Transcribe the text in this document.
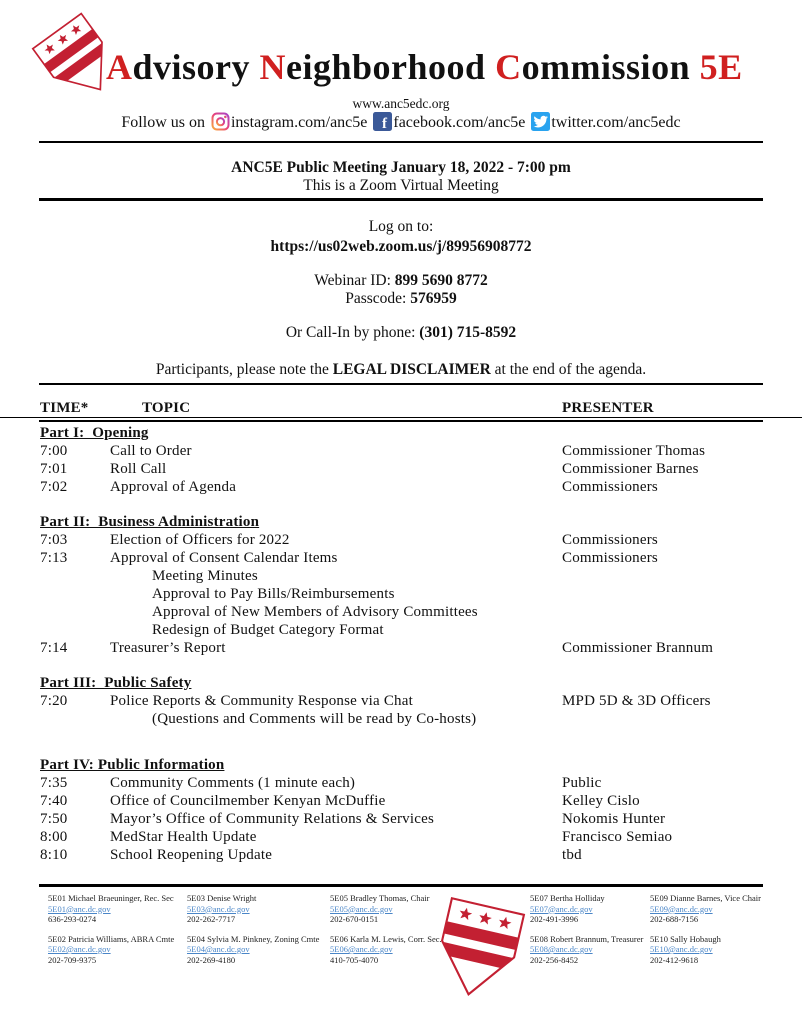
Advisory Neighborhood Commission 5E
www.anc5edc.org
Follow us on instagram.com/anc5e f facebook.com/anc5e twitter.com/anc5edc
ANC5E Public Meeting January 18, 2022 - 7:00 pm
This is a Zoom Virtual Meeting
Log on to:
https://us02web.zoom.us/j/89956908772
Webinar ID: 899 5690 8772
Passcode: 576959
Or Call-In by phone: (301) 715-8592
Participants, please note the LEGAL DISCLAIMER at the end of the agenda.
TIME*	TOPIC	PRESENTER
Part I:  Opening
7:00	Call to Order	Commissioner Thomas
7:01	Roll Call	Commissioner Barnes
7:02	Approval of Agenda	Commissioners
Part II:  Business Administration
7:03	Election of Officers for 2022	Commissioners
7:13	Approval of Consent Calendar Items	Commissioners
Meeting Minutes
Approval to Pay Bills/Reimbursements
Approval of New Members of Advisory Committees
Redesign of Budget Category Format
7:14	Treasurer’s Report	Commissioner Brannum
Part III:  Public Safety
7:20	Police Reports & Community Response via Chat	MPD 5D & 3D Officers
(Questions and Comments will be read by Co-hosts)
Part IV: Public Information
7:35	Community Comments (1 minute each)	Public
7:40	Office of Councilmember Kenyan McDuffie	Kelley Cislo
7:50	Mayor’s Office of Community Relations & Services	Nokomis Hunter
8:00	MedStar Health Update	Francisco Semiao
8:10	School Reopening Update	tbd
5E01 Michael Braeuninger, Rec. Sec
5E01@anc.dc.gov
636-293-0274
5E02 Patricia Williams, ABRA Cmte
5E02@anc.dc.gov
202-709-9375
5E03 Denise Wright
5E03@anc.dc.gov
202-262-7717
5E04 Sylvia M. Pinkney, Zoning Cmte
5E04@anc.dc.gov
202-269-4180
5E05 Bradley Thomas, Chair
5E05@anc.dc.gov
202-670-0151
5E06 Karla M. Lewis, Corr. Sec.
5E06@anc.dc.gov
410-705-4070
5E07 Bertha Holliday
5E07@anc.dc.gov
202-491-3996
5E08 Robert Brannum, Treasurer
5E08@anc.dc.gov
202-256-8452
5E09 Dianne Barnes, Vice Chair
5E09@anc.dc.gov
202-688-7156
5E10 Sally Hobaugh
5E10@anc.dc.gov
202-412-9618
